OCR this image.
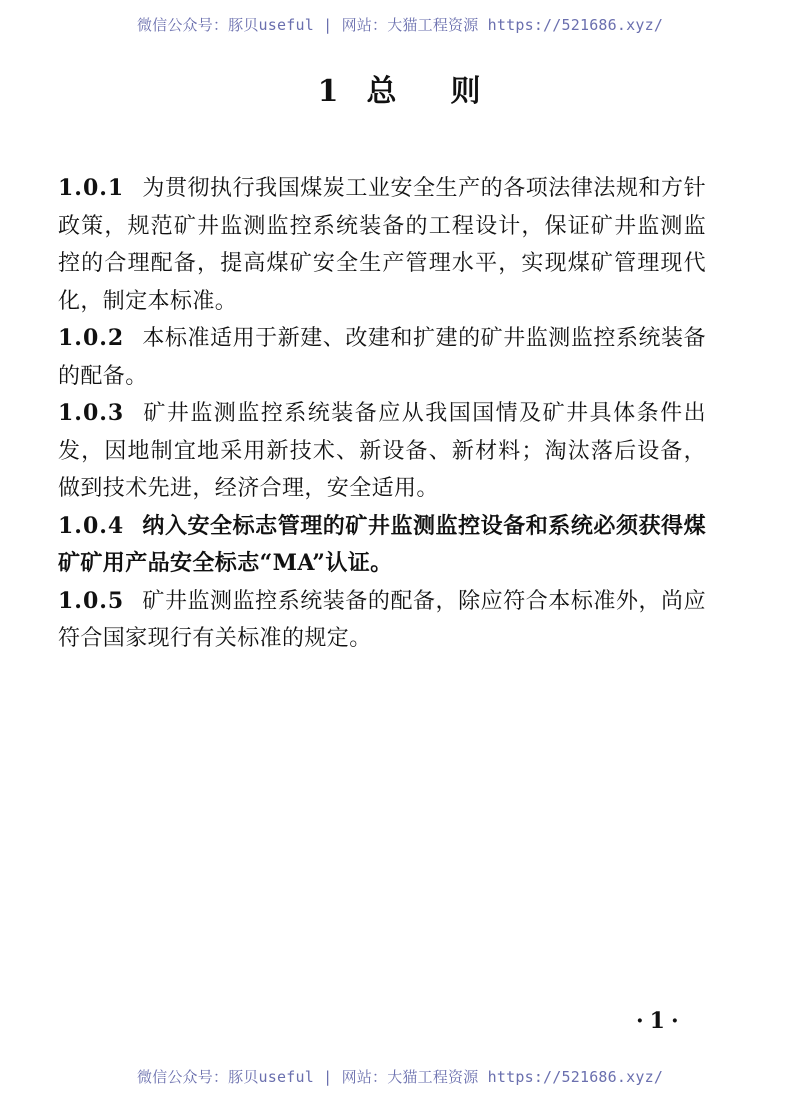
微信公众号：豚贝useful | 网站：大猫工程资源 https://521686.xyz/
1 总 则

1.0.1 为贯彻执行我国煤炭工业安全生产的各项法律法规和方针政策，规范矿井监测监控系统装备的工程设计，保证矿井监测监控的合理配备，提高煤矿安全生产管理水平，实现煤矿管理现代化，制定本标准。

1.0.2 本标准适用于新建、改建和扩建的矿井监测监控系统装备的配备。

1.0.3 矿井监测监控系统装备应从我国国情及矿井具体条件出发，因地制宜地采用新技术、新设备、新材料；淘汰落后设备，做到技术先进，经济合理，安全适用。

1.0.4 纳入安全标志管理的矿井监测监控设备和系统必须获得煤矿矿用产品安全标志“MA”认证。

1.0.5 矿井监测监控系统装备的配备，除应符合本标准外，尚应符合国家现行有关标准的规定。

·1·
微信公众号：豚贝useful | 网站：大猫工程资源 https://521686.xyz/
